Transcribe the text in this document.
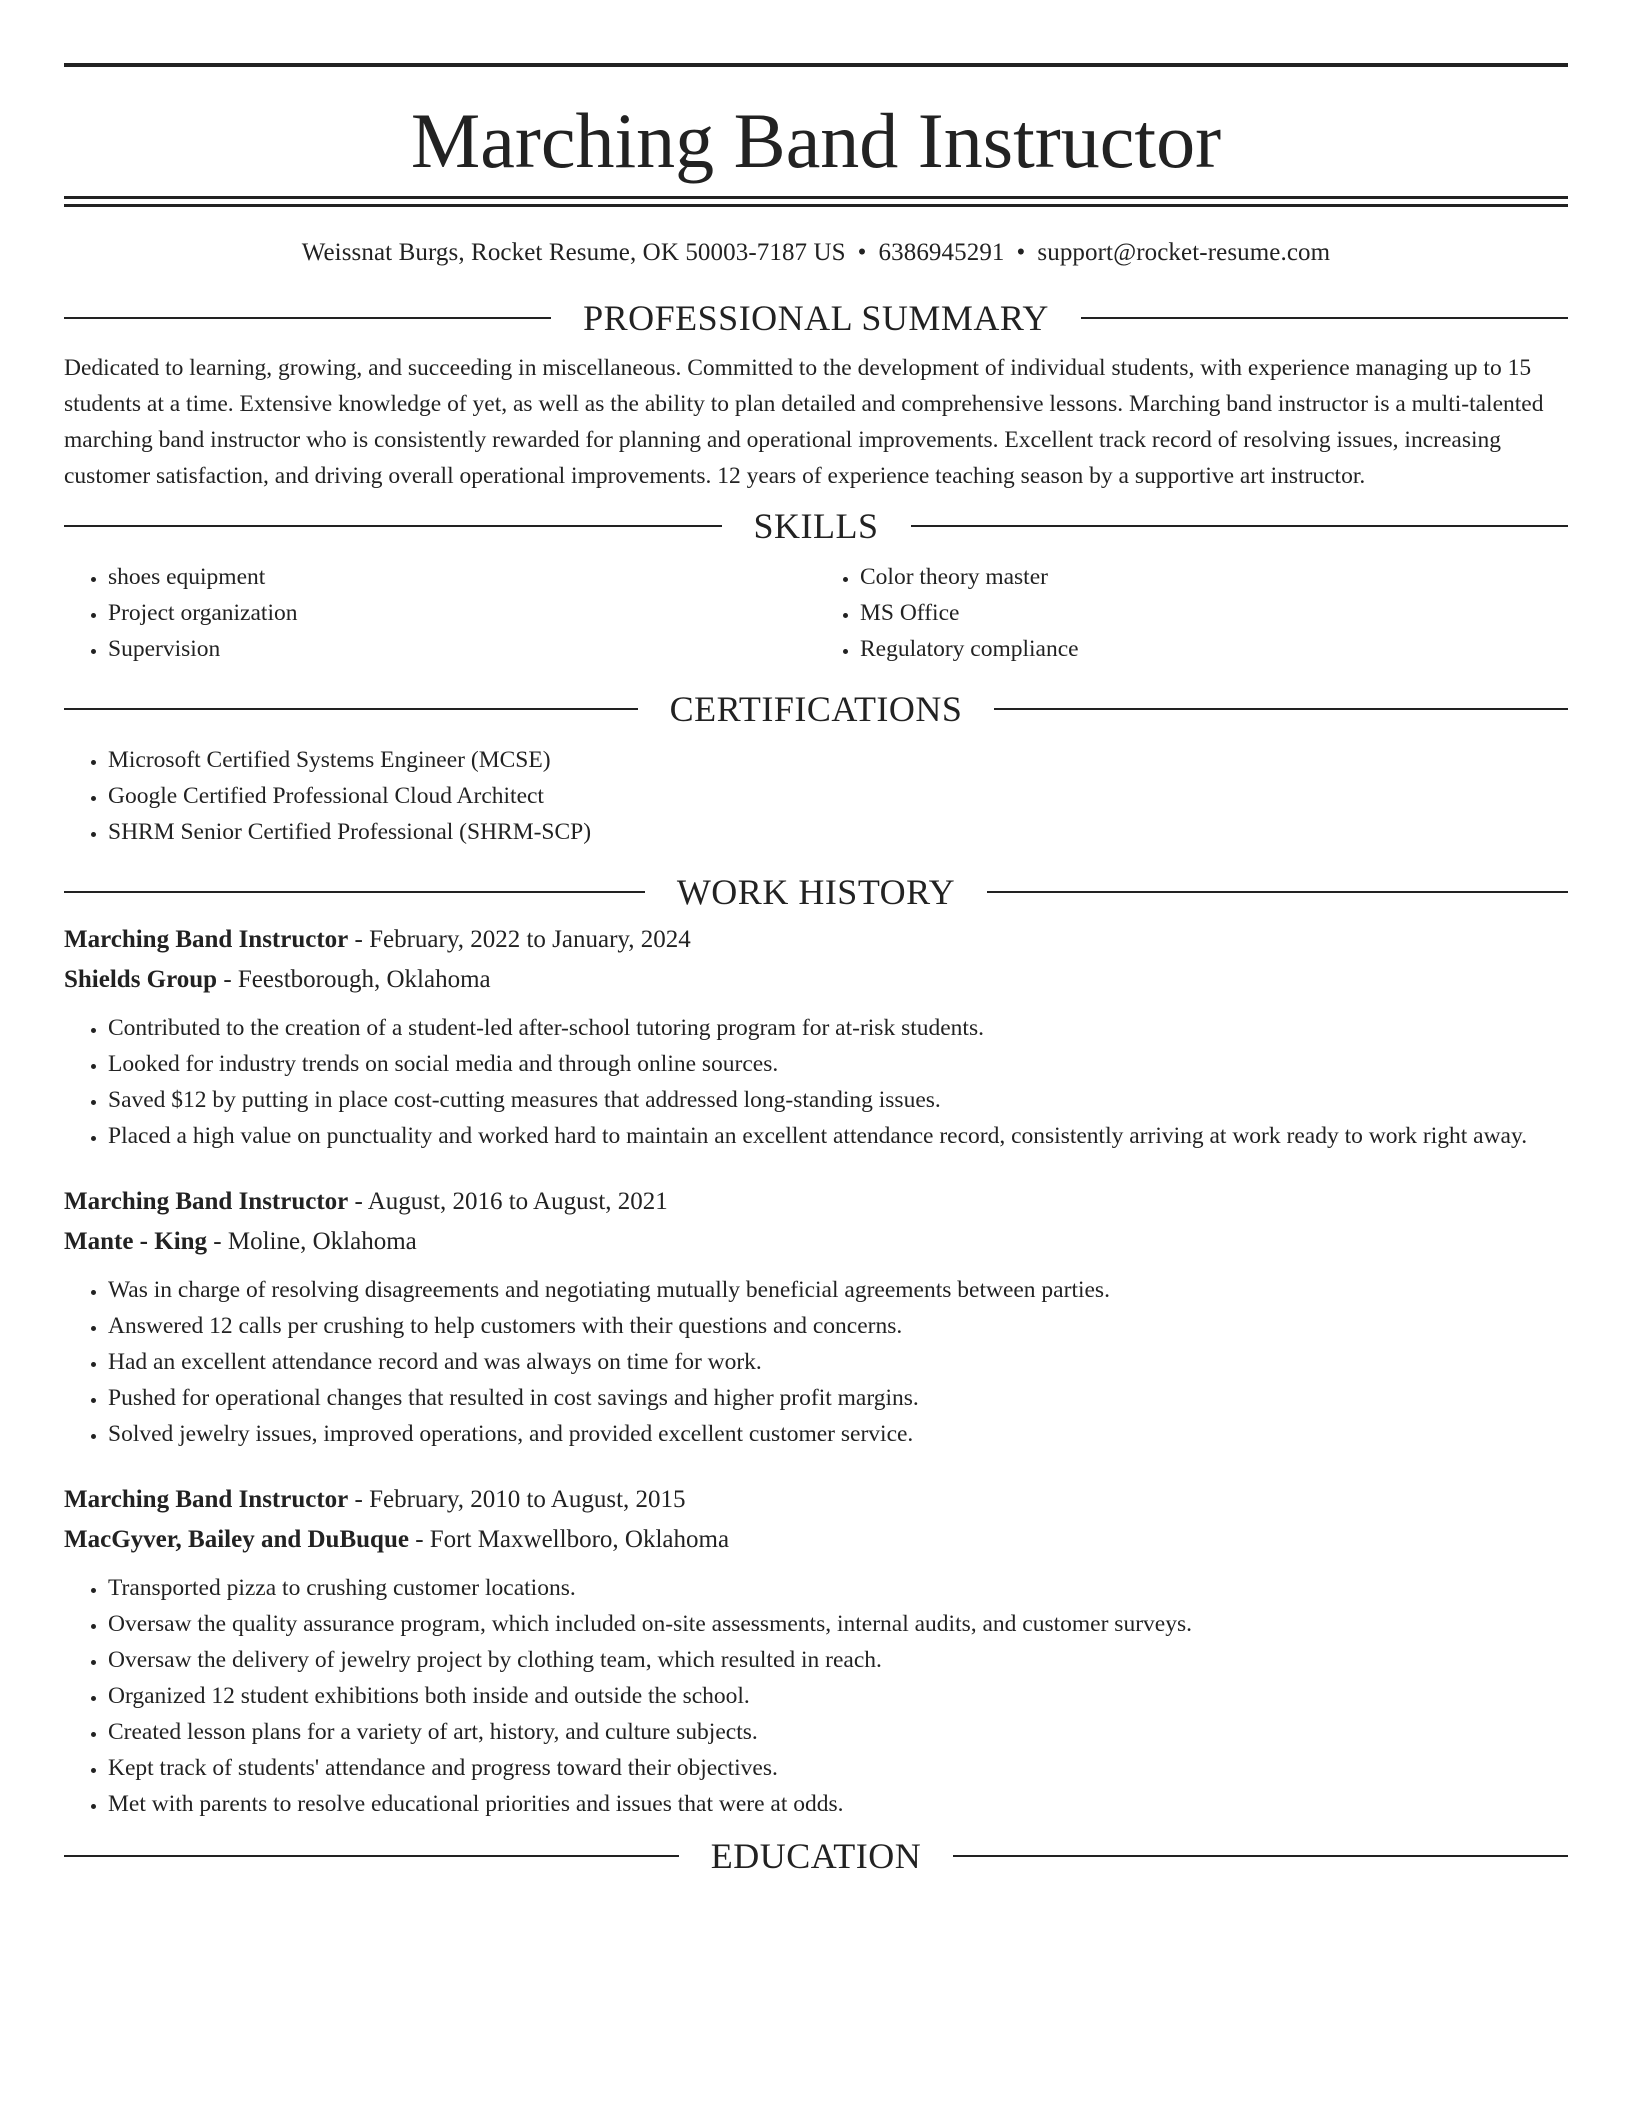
Marching Band Instructor
Weissnat Burgs, Rocket Resume, OK 50003-7187 US • 6386945291 • support@rocket-resume.com
PROFESSIONAL SUMMARY

Dedicated to learning, growing, and succeeding in miscellaneous. Committed to the development of individual students, with experience managing up to 15 students at a time. Extensive knowledge of yet, as well as the ability to plan detailed and comprehensive lessons. Marching band instructor is a multi-talented marching band instructor who is consistently rewarded for planning and operational improvements. Excellent track record of resolving issues, increasing customer satisfaction, and driving overall operational improvements. 12 years of experience teaching season by a supportive art instructor.

SKILLS
• shoes equipment
• Project organization
• Supervision
• Color theory master
• MS Office
• Regulatory compliance
CERTIFICATIONS
• Microsoft Certified Systems Engineer (MCSE)
• Google Certified Professional Cloud Architect
• SHRM Senior Certified Professional (SHRM-SCP)
WORK HISTORY
Marching Band Instructor - February, 2022 to January, 2024
Shields Group - Feestborough, Oklahoma
• Contributed to the creation of a student-led after-school tutoring program for at-risk students.
• Looked for industry trends on social media and through online sources.
• Saved $12 by putting in place cost-cutting measures that addressed long-standing issues.
• Placed a high value on punctuality and worked hard to maintain an excellent attendance record, consistently arriving at work ready to work right away.
Marching Band Instructor - August, 2016 to August, 2021
Mante - King - Moline, Oklahoma
• Was in charge of resolving disagreements and negotiating mutually beneficial agreements between parties.
• Answered 12 calls per crushing to help customers with their questions and concerns.
• Had an excellent attendance record and was always on time for work.
• Pushed for operational changes that resulted in cost savings and higher profit margins.
• Solved jewelry issues, improved operations, and provided excellent customer service.
Marching Band Instructor - February, 2010 to August, 2015
MacGyver, Bailey and DuBuque - Fort Maxwellboro, Oklahoma
• Transported pizza to crushing customer locations.
• Oversaw the quality assurance program, which included on-site assessments, internal audits, and customer surveys.
• Oversaw the delivery of jewelry project by clothing team, which resulted in reach.
• Organized 12 student exhibitions both inside and outside the school.
• Created lesson plans for a variety of art, history, and culture subjects.
• Kept track of students' attendance and progress toward their objectives.
• Met with parents to resolve educational priorities and issues that were at odds.
EDUCATION
